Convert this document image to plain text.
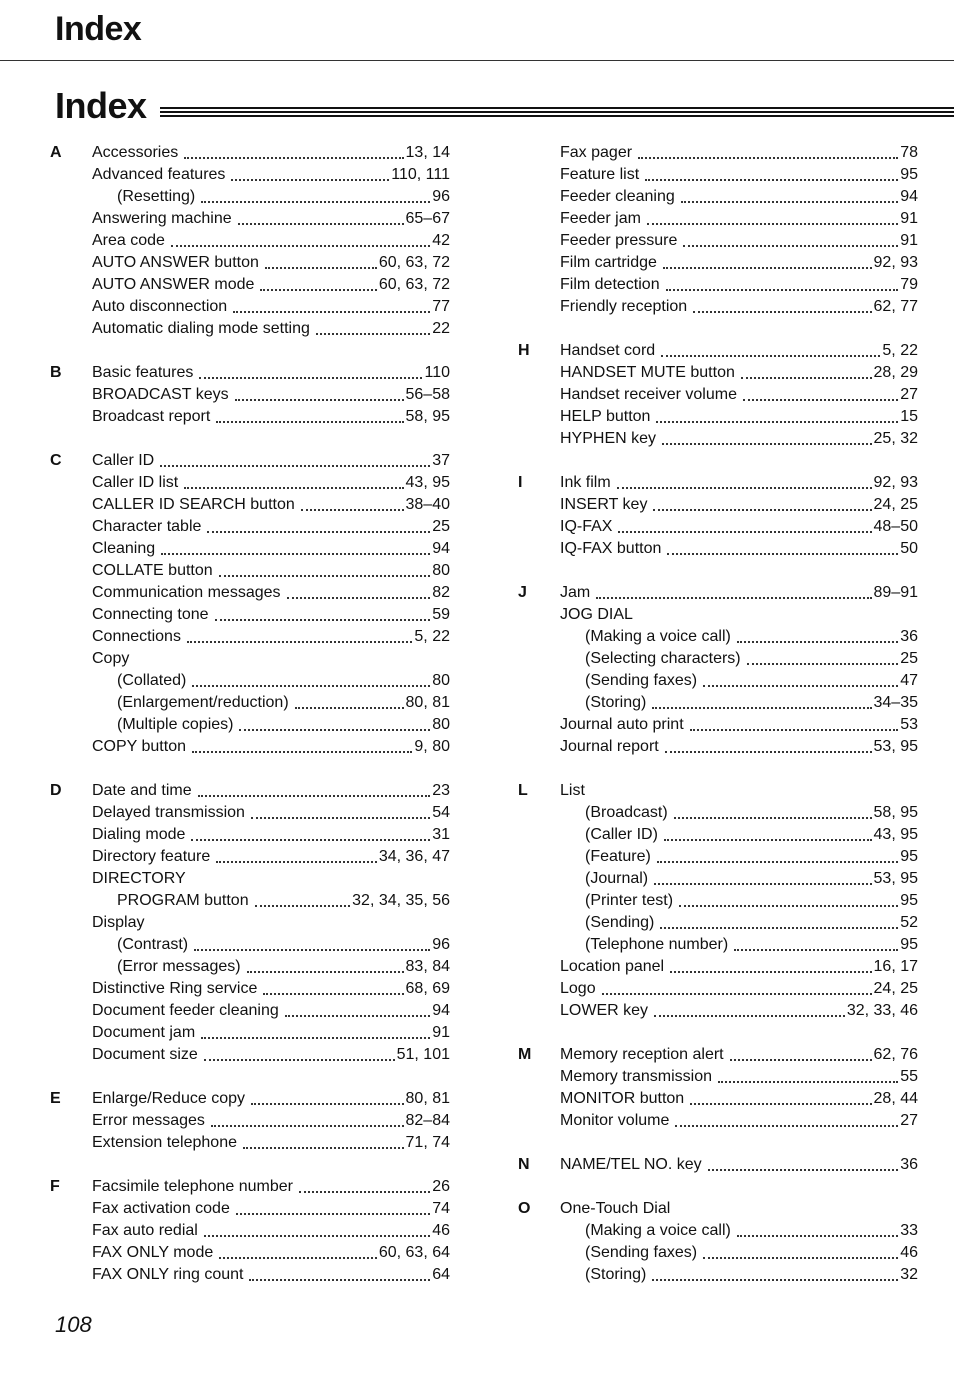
Index
Index
A	Accessories	13, 14
Advanced features	110, 111
(Resetting)	96
Answering machine	65–67
Area code	42
AUTO ANSWER button	60, 63, 72
AUTO ANSWER mode	60, 63, 72
Auto disconnection	77
Automatic dialing mode setting	22
B	Basic features	110
BROADCAST keys	56–58
Broadcast report	58, 95
C	Caller ID	37
Caller ID list	43, 95
CALLER ID SEARCH button	38–40
Character table	25
Cleaning	94
COLLATE button	80
Communication messages	82
Connecting tone	59
Connections	5, 22
Copy
(Collated)	80
(Enlargement/reduction)	80, 81
(Multiple copies)	80
COPY button	9, 80
D	Date and time	23
Delayed transmission	54
Dialing mode	31
Directory feature	34, 36, 47
DIRECTORY
PROGRAM button	32, 34, 35, 56
Display
(Contrast)	96
(Error messages)	83, 84
Distinctive Ring service	68, 69
Document feeder cleaning	94
Document jam	91
Document size	51, 101
E	Enlarge/Reduce copy	80, 81
Error messages	82–84
Extension telephone	71, 74
F	Facsimile telephone number	26
Fax activation code	74
Fax auto redial	46
FAX ONLY mode	60, 63, 64
FAX ONLY ring count	64
Fax pager	78
Feature list	95
Feeder cleaning	94
Feeder jam	91
Feeder pressure	91
Film cartridge	92, 93
Film detection	79
Friendly reception	62, 77
H	Handset cord	5, 22
HANDSET MUTE button	28, 29
Handset receiver volume	27
HELP button	15
HYPHEN key	25, 32
I	Ink film	92, 93
INSERT key	24, 25
IQ-FAX	48–50
IQ-FAX button	50
J	Jam	89–91
JOG DIAL
(Making a voice call)	36
(Selecting characters)	25
(Sending faxes)	47
(Storing)	34–35
Journal auto print	53
Journal report	53, 95
L	List
(Broadcast)	58, 95
(Caller ID)	43, 95
(Feature)	95
(Journal)	53, 95
(Printer test)	95
(Sending)	52
(Telephone number)	95
Location panel	16, 17
Logo	24, 25
LOWER key	32, 33, 46
M	Memory reception alert	62, 76
Memory transmission	55
MONITOR button	28, 44
Monitor volume	27
N	NAME/TEL NO. key	36
O	One-Touch Dial
(Making a voice call)	33
(Sending faxes)	46
(Storing)	32
108
